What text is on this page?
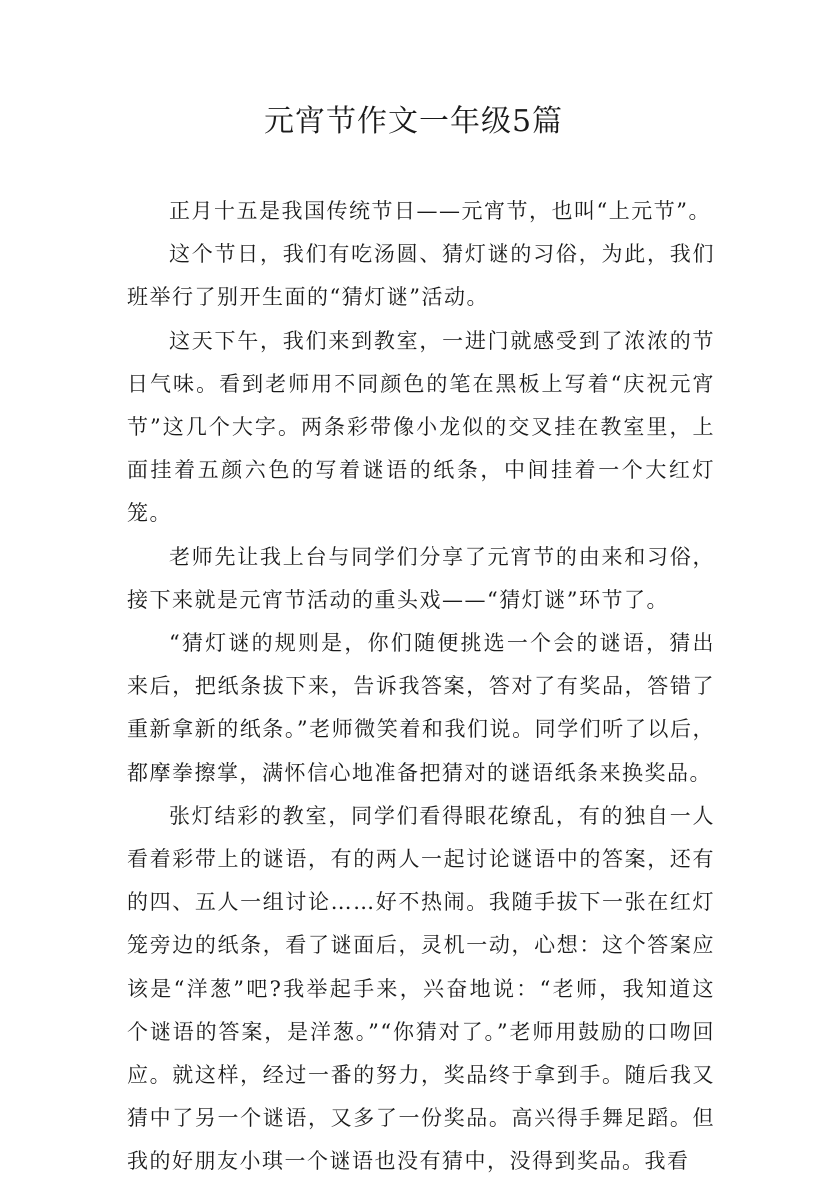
元宵节作文一年级5篇

正月十五是我国传统节日——元宵节，也叫“上元节”。

这个节日，我们有吃汤圆、猜灯谜的习俗，为此，我们班举行了别开生面的“猜灯谜”活动。

这天下午，我们来到教室，一进门就感受到了浓浓的节日气味。看到老师用不同颜色的笔在黑板上写着“庆祝元宵节”这几个大字。两条彩带像小龙似的交叉挂在教室里，上面挂着五颜六色的写着谜语的纸条，中间挂着一个大红灯笼。

老师先让我上台与同学们分享了元宵节的由来和习俗，接下来就是元宵节活动的重头戏——“猜灯谜”环节了。

“猜灯谜的规则是，你们随便挑选一个会的谜语，猜出来后，把纸条拔下来，告诉我答案，答对了有奖品，答错了重新拿新的纸条。”老师微笑着和我们说。同学们听了以后，都摩拳擦掌，满怀信心地准备把猜对的谜语纸条来换奖品。

张灯结彩的教室，同学们看得眼花缭乱，有的独自一人看着彩带上的谜语，有的两人一起讨论谜语中的答案，还有的四、五人一组讨论……好不热闹。我随手拔下一张在红灯笼旁边的纸条，看了谜面后，灵机一动，心想：这个答案应该是“洋葱”吧?我举起手来，兴奋地说：“老师，我知道这个谜语的答案，是洋葱。”“你猜对了。”老师用鼓励的口吻回应。就这样，经过一番的努力，奖品终于拿到手。随后我又猜中了另一个谜语，又多了一份奖品。高兴得手舞足蹈。但我的好朋友小琪一个谜语也没有猜中，没得到奖品。我看
